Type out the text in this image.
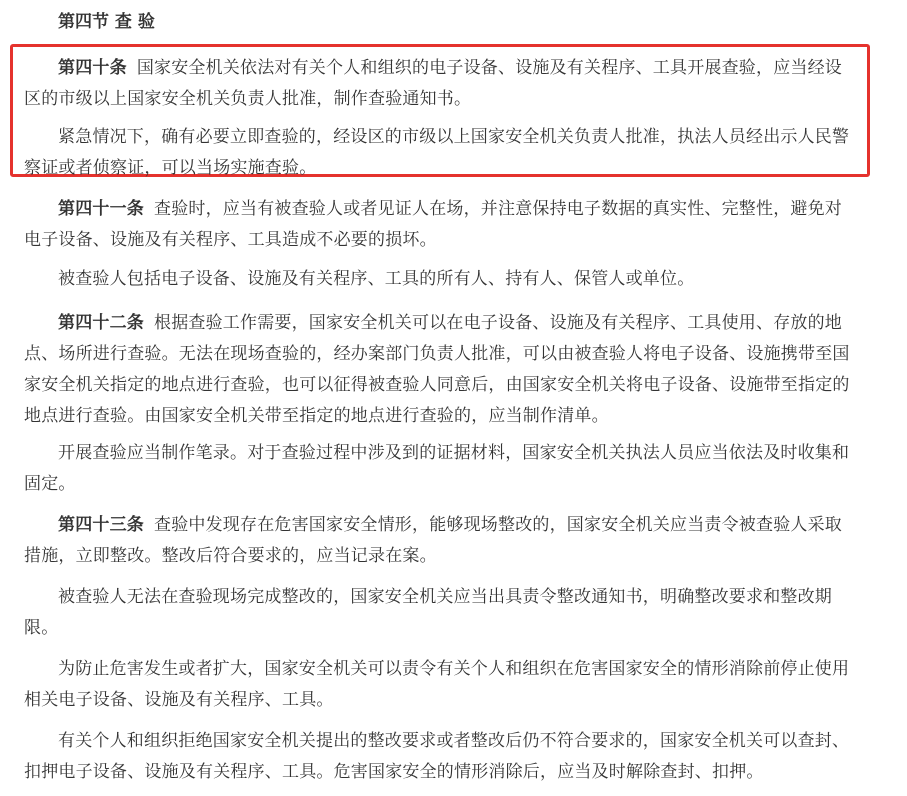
第四节 查 验

第四十条 国家安全机关依法对有关个人和组织的电子设备、设施及有关程序、工具开展查验，应当经设区的市级以上国家安全机关负责人批准，制作查验通知书。

紧急情况下，确有必要立即查验的，经设区的市级以上国家安全机关负责人批准，执法人员经出示人民警察证或者侦察证，可以当场实施查验。

第四十一条 查验时，应当有被查验人或者见证人在场，并注意保持电子数据的真实性、完整性，避免对电子设备、设施及有关程序、工具造成不必要的损坏。

被查验人包括电子设备、设施及有关程序、工具的所有人、持有人、保管人或单位。

第四十二条 根据查验工作需要，国家安全机关可以在电子设备、设施及有关程序、工具使用、存放的地点、场所进行查验。无法在现场查验的，经办案部门负责人批准，可以由被查验人将电子设备、设施携带至国家安全机关指定的地点进行查验，也可以征得被查验人同意后，由国家安全机关将电子设备、设施带至指定的地点进行查验。由国家安全机关带至指定的地点进行查验的，应当制作清单。

开展查验应当制作笔录。对于查验过程中涉及到的证据材料，国家安全机关执法人员应当依法及时收集和固定。

第四十三条 查验中发现存在危害国家安全情形，能够现场整改的，国家安全机关应当责令被查验人采取措施，立即整改。整改后符合要求的，应当记录在案。

被查验人无法在查验现场完成整改的，国家安全机关应当出具责令整改通知书，明确整改要求和整改期限。

为防止危害发生或者扩大，国家安全机关可以责令有关个人和组织在危害国家安全的情形消除前停止使用相关电子设备、设施及有关程序、工具。

有关个人和组织拒绝国家安全机关提出的整改要求或者整改后仍不符合要求的，国家安全机关可以查封、扣押电子设备、设施及有关程序、工具。危害国家安全的情形消除后，应当及时解除查封、扣押。
